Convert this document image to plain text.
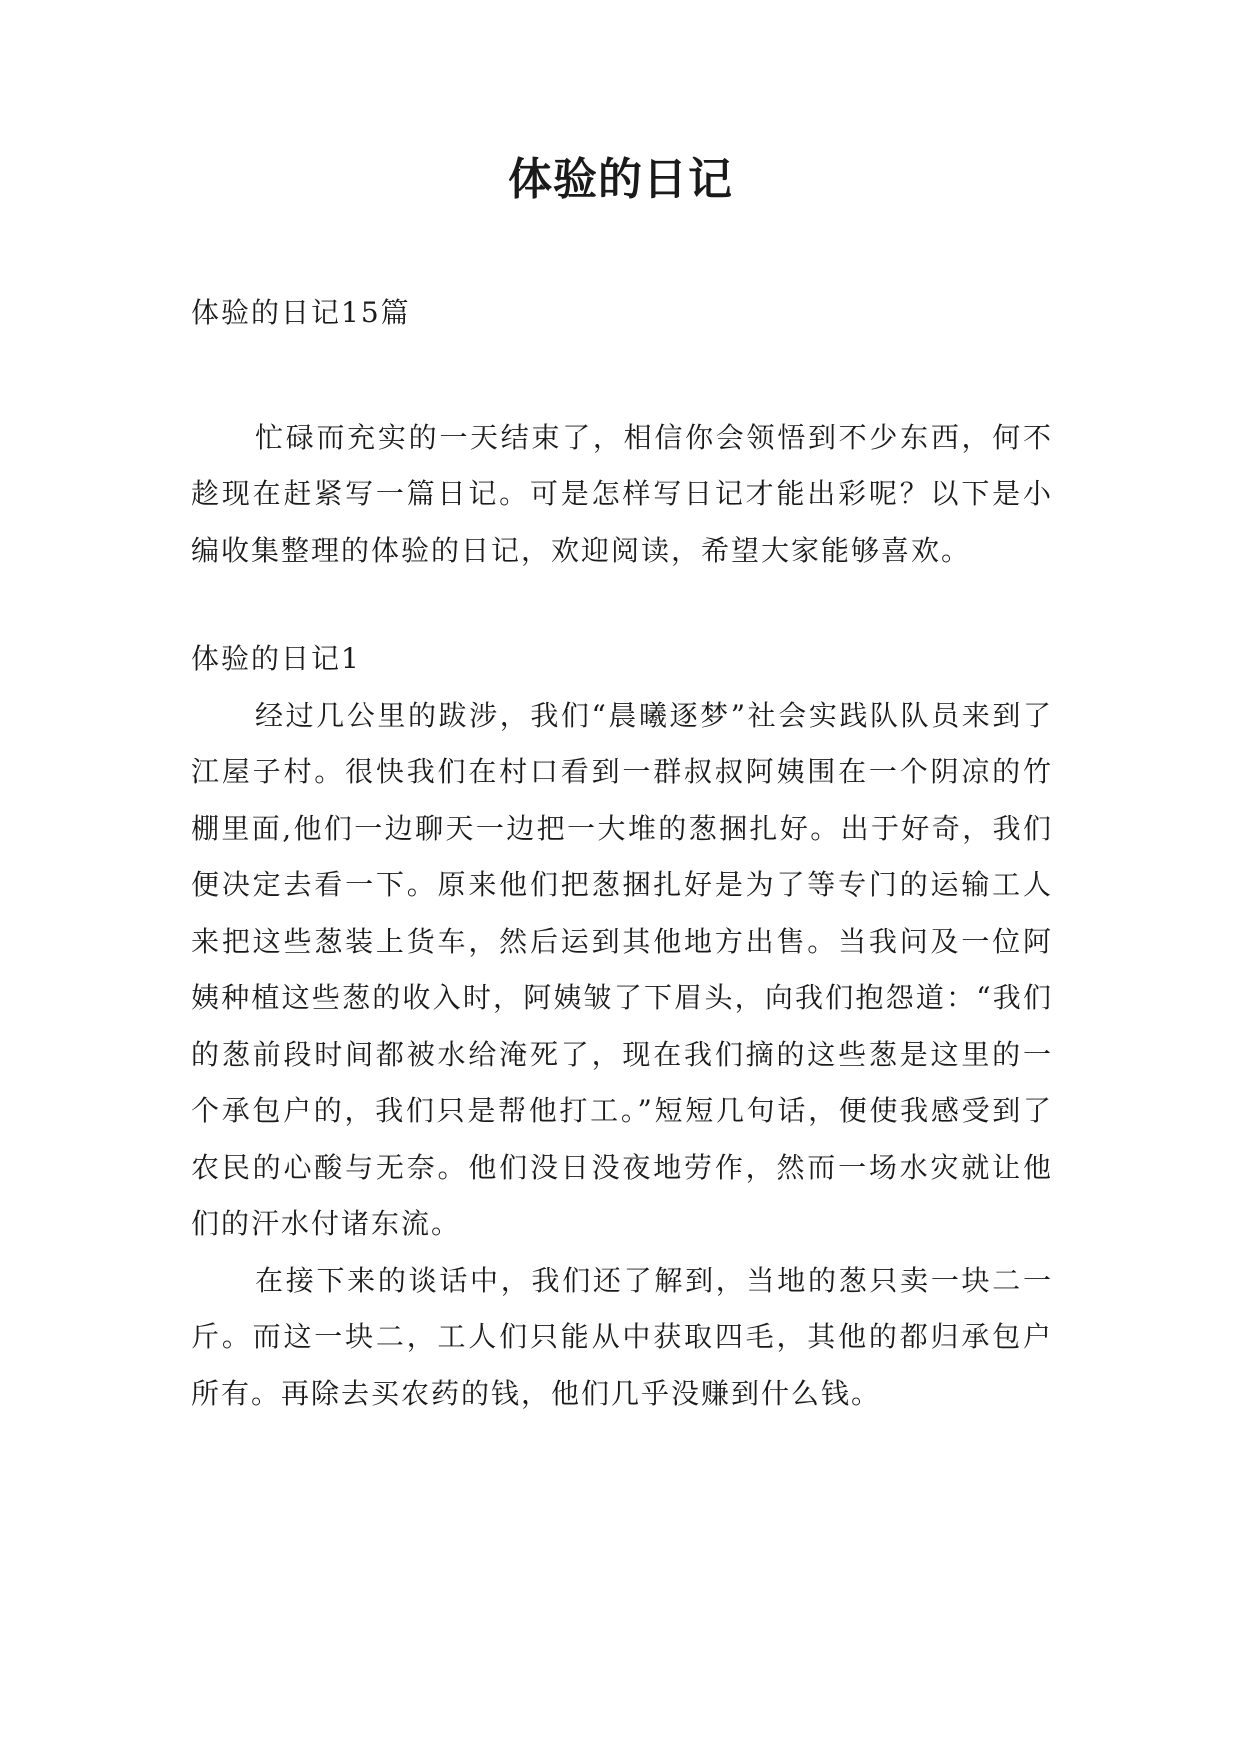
体验的日记

体验的日记15篇

忙碌而充实的一天结束了，相信你会领悟到不少东西，何不趁现在赶紧写一篇日记。可是怎样写日记才能出彩呢？以下是小编收集整理的体验的日记，欢迎阅读，希望大家能够喜欢。

体验的日记1

经过几公里的跋涉，我们“晨曦逐梦”社会实践队队员来到了江屋子村。很快我们在村口看到一群叔叔阿姨围在一个阴凉的竹棚里面,他们一边聊天一边把一大堆的葱捆扎好。出于好奇，我们便决定去看一下。原来他们把葱捆扎好是为了等专门的运输工人来把这些葱装上货车，然后运到其他地方出售。当我问及一位阿姨种植这些葱的收入时，阿姨皱了下眉头，向我们抱怨道：“我们的葱前段时间都被水给淹死了，现在我们摘的这些葱是这里的一个承包户的，我们只是帮他打工。”短短几句话，便使我感受到了农民的心酸与无奈。他们没日没夜地劳作，然而一场水灾就让他们的汗水付诸东流。

在接下来的谈话中，我们还了解到，当地的葱只卖一块二一斤。而这一块二，工人们只能从中获取四毛，其他的都归承包户所有。再除去买农药的钱，他们几乎没赚到什么钱。
